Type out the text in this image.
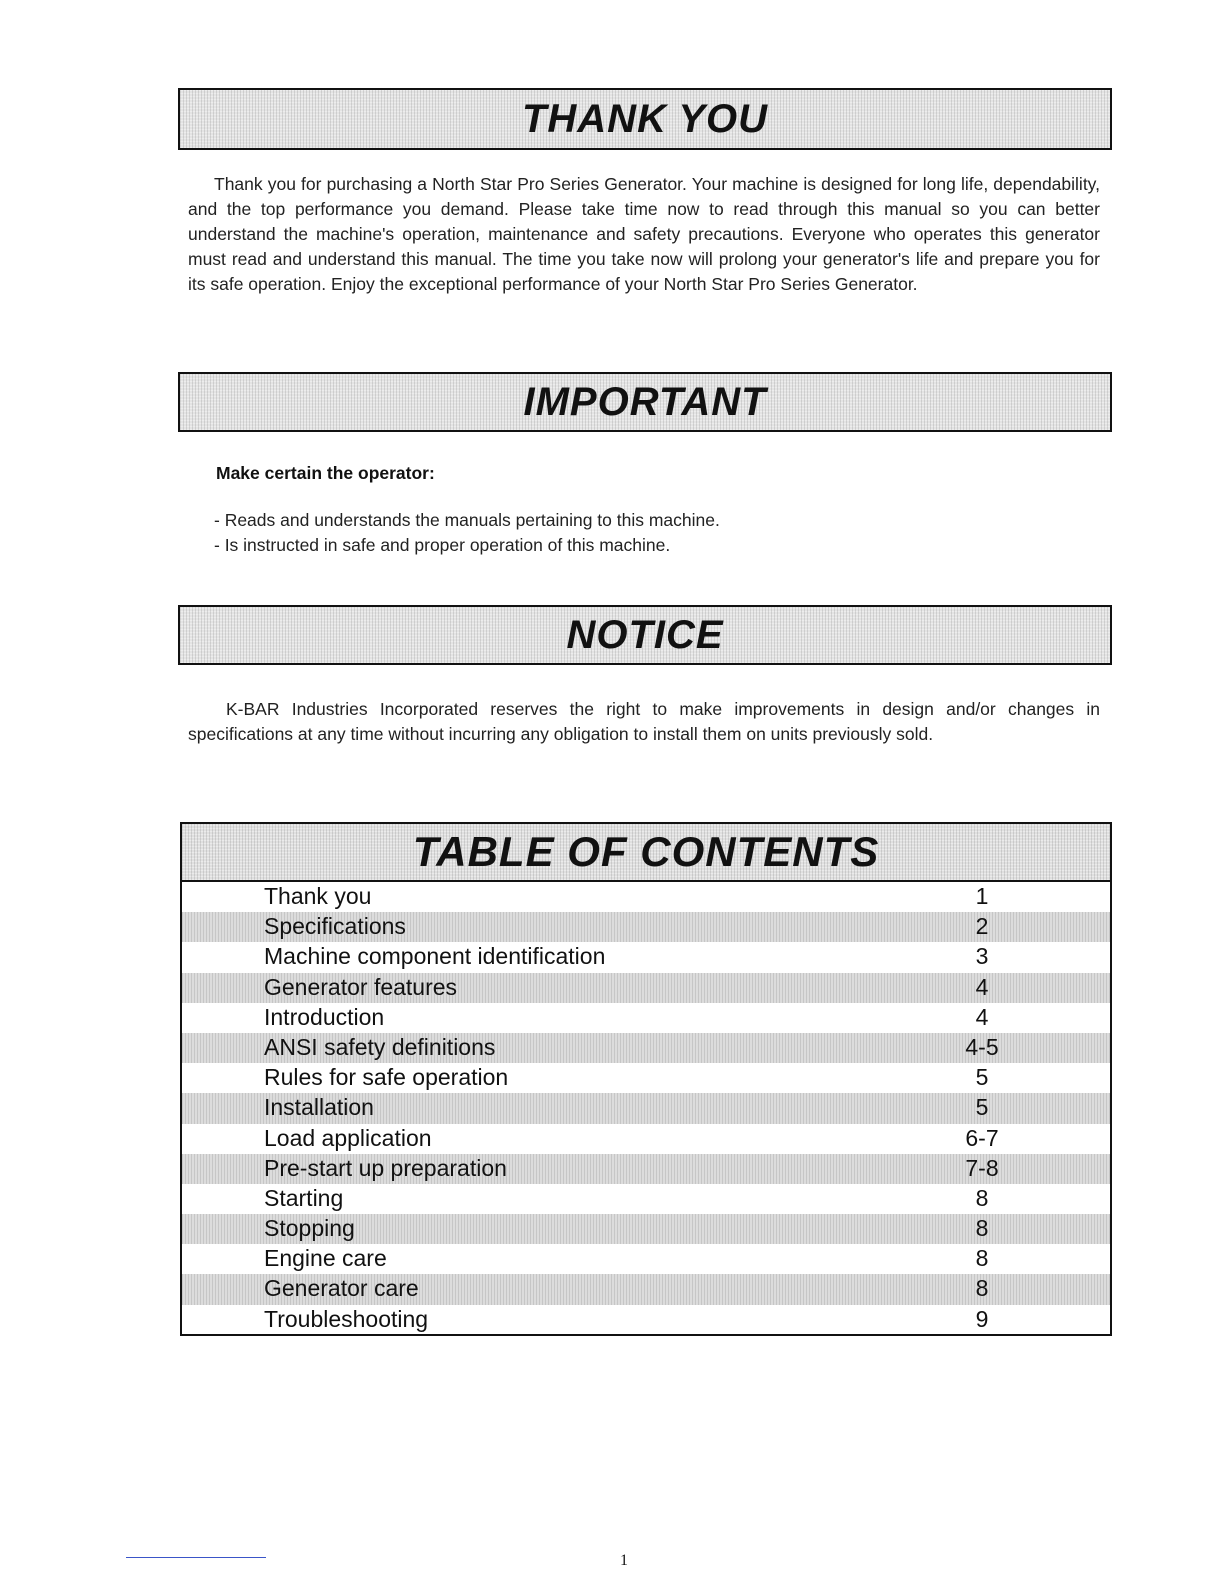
THANK YOU

Thank you for purchasing a North Star Pro Series Generator. Your machine is designed for long life, dependability, and the top performance you demand. Please take time now to read through this manual so you can better understand the machine's operation, maintenance and safety precautions. Everyone who operates this generator must read and understand this manual. The time you take now will prolong your generator's life and prepare you for its safe operation. Enjoy the exceptional performance of your North Star Pro Series Generator.

IMPORTANT

Make certain the operator:

- Reads and understands the manuals pertaining to this machine.

- Is instructed in safe and proper operation of this machine.

NOTICE

K-BAR Industries Incorporated reserves the right to make improvements in design and/or changes in specifications at any time without incurring any obligation to install them on units previously sold.

TABLE OF CONTENTS
Thank you	1
Specifications	2
Machine component identification	3
Generator features	4
Introduction	4
ANSI safety definitions	4-5
Rules for safe operation	5
Installation	5
Load application	6-7
Pre-start up preparation	7-8
Starting	8
Stopping	8
Engine care	8
Generator care	8
Troubleshooting	9
1
